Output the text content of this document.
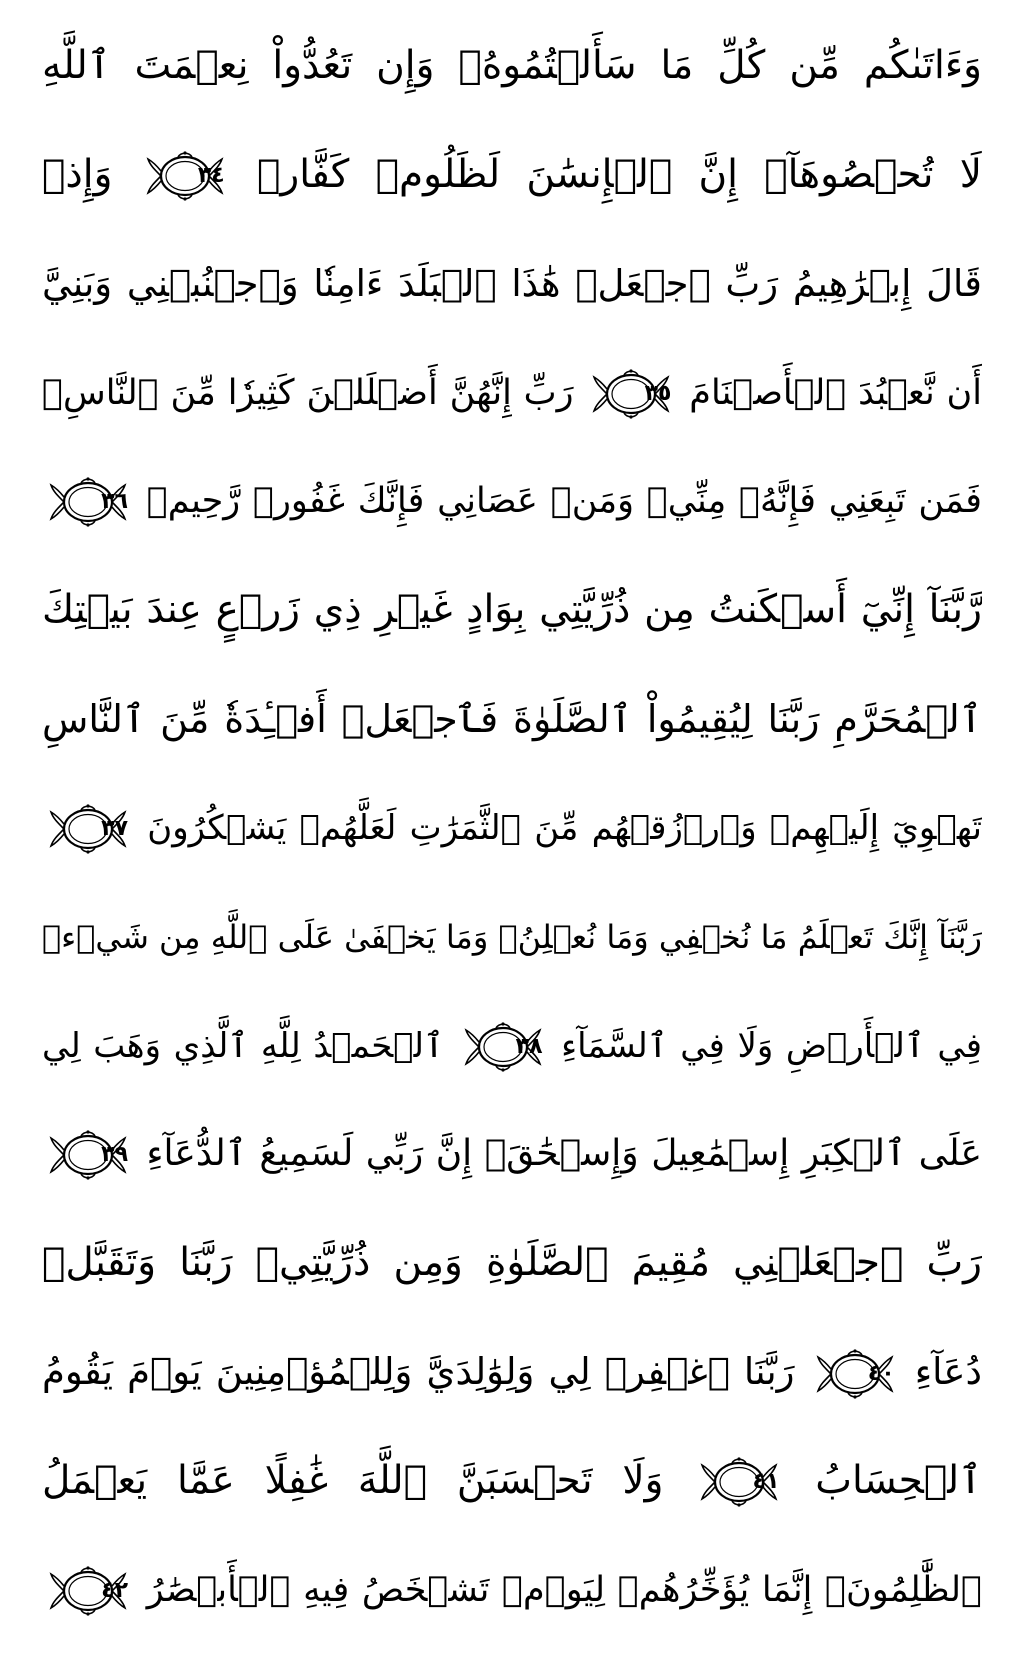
وَءَاتَىٰكُم مِّن كُلِّ مَا سَأَلۡتُمُوهُۚ وَإِن تَعُدُّواْ نِعۡمَتَ ٱللَّهِ
لَا تُحۡصُوهَآۗ إِنَّ ٱلۡإِنسَٰنَ لَظَلُومٞ كَفَّارٞ
٣٤
وَإِذۡ
قَالَ إِبۡرَٰهِيمُ رَبِّ ٱجۡعَلۡ هَٰذَا ٱلۡبَلَدَ ءَامِنٗا وَٱجۡنُبۡنِي وَبَنِيَّ
أَن نَّعۡبُدَ ٱلۡأَصۡنَامَ
٣٥
رَبِّ إِنَّهُنَّ أَضۡلَلۡنَ كَثِيرٗا مِّنَ ٱلنَّاسِۖ
فَمَن تَبِعَنِي فَإِنَّهُۥ مِنِّيۖ وَمَنۡ عَصَانِي فَإِنَّكَ غَفُورٞ رَّحِيمٞ
٣٦
رَّبَّنَآ إِنِّيٓ أَسۡكَنتُ مِن ذُرِّيَّتِي بِوَادٍ غَيۡرِ ذِي زَرۡعٍ عِندَ بَيۡتِكَ
ٱلۡمُحَرَّمِ رَبَّنَا لِيُقِيمُواْ ٱلصَّلَوٰةَ فَٱجۡعَلۡ أَفۡـِٔدَةٗ مِّنَ ٱلنَّاسِ
تَهۡوِيٓ إِلَيۡهِمۡ وَٱرۡزُقۡهُم مِّنَ ٱلثَّمَرَٰتِ لَعَلَّهُمۡ يَشۡكُرُونَ
٣٧
رَبَّنَآ إِنَّكَ تَعۡلَمُ مَا نُخۡفِي وَمَا نُعۡلِنُۗ وَمَا يَخۡفَىٰ عَلَى ٱللَّهِ مِن شَيۡءٖ
فِي ٱلۡأَرۡضِ وَلَا فِي ٱلسَّمَآءِ
٣٨
ٱلۡحَمۡدُ لِلَّهِ ٱلَّذِي وَهَبَ لِي
عَلَى ٱلۡكِبَرِ إِسۡمَٰعِيلَ وَإِسۡحَٰقَۚ إِنَّ رَبِّي لَسَمِيعُ ٱلدُّعَآءِ
٣٩
رَبِّ ٱجۡعَلۡنِي مُقِيمَ ٱلصَّلَوٰةِ وَمِن ذُرِّيَّتِيۚ رَبَّنَا وَتَقَبَّلۡ
دُعَآءِ
٤٠
رَبَّنَا ٱغۡفِرۡ لِي وَلِوَٰلِدَيَّ وَلِلۡمُؤۡمِنِينَ يَوۡمَ يَقُومُ
ٱلۡحِسَابُ
٤١
وَلَا تَحۡسَبَنَّ ٱللَّهَ غَٰفِلًا عَمَّا يَعۡمَلُ
ٱلظَّٰلِمُونَۚ إِنَّمَا يُؤَخِّرُهُمۡ لِيَوۡمٖ تَشۡخَصُ فِيهِ ٱلۡأَبۡصَٰرُ
٤٢
